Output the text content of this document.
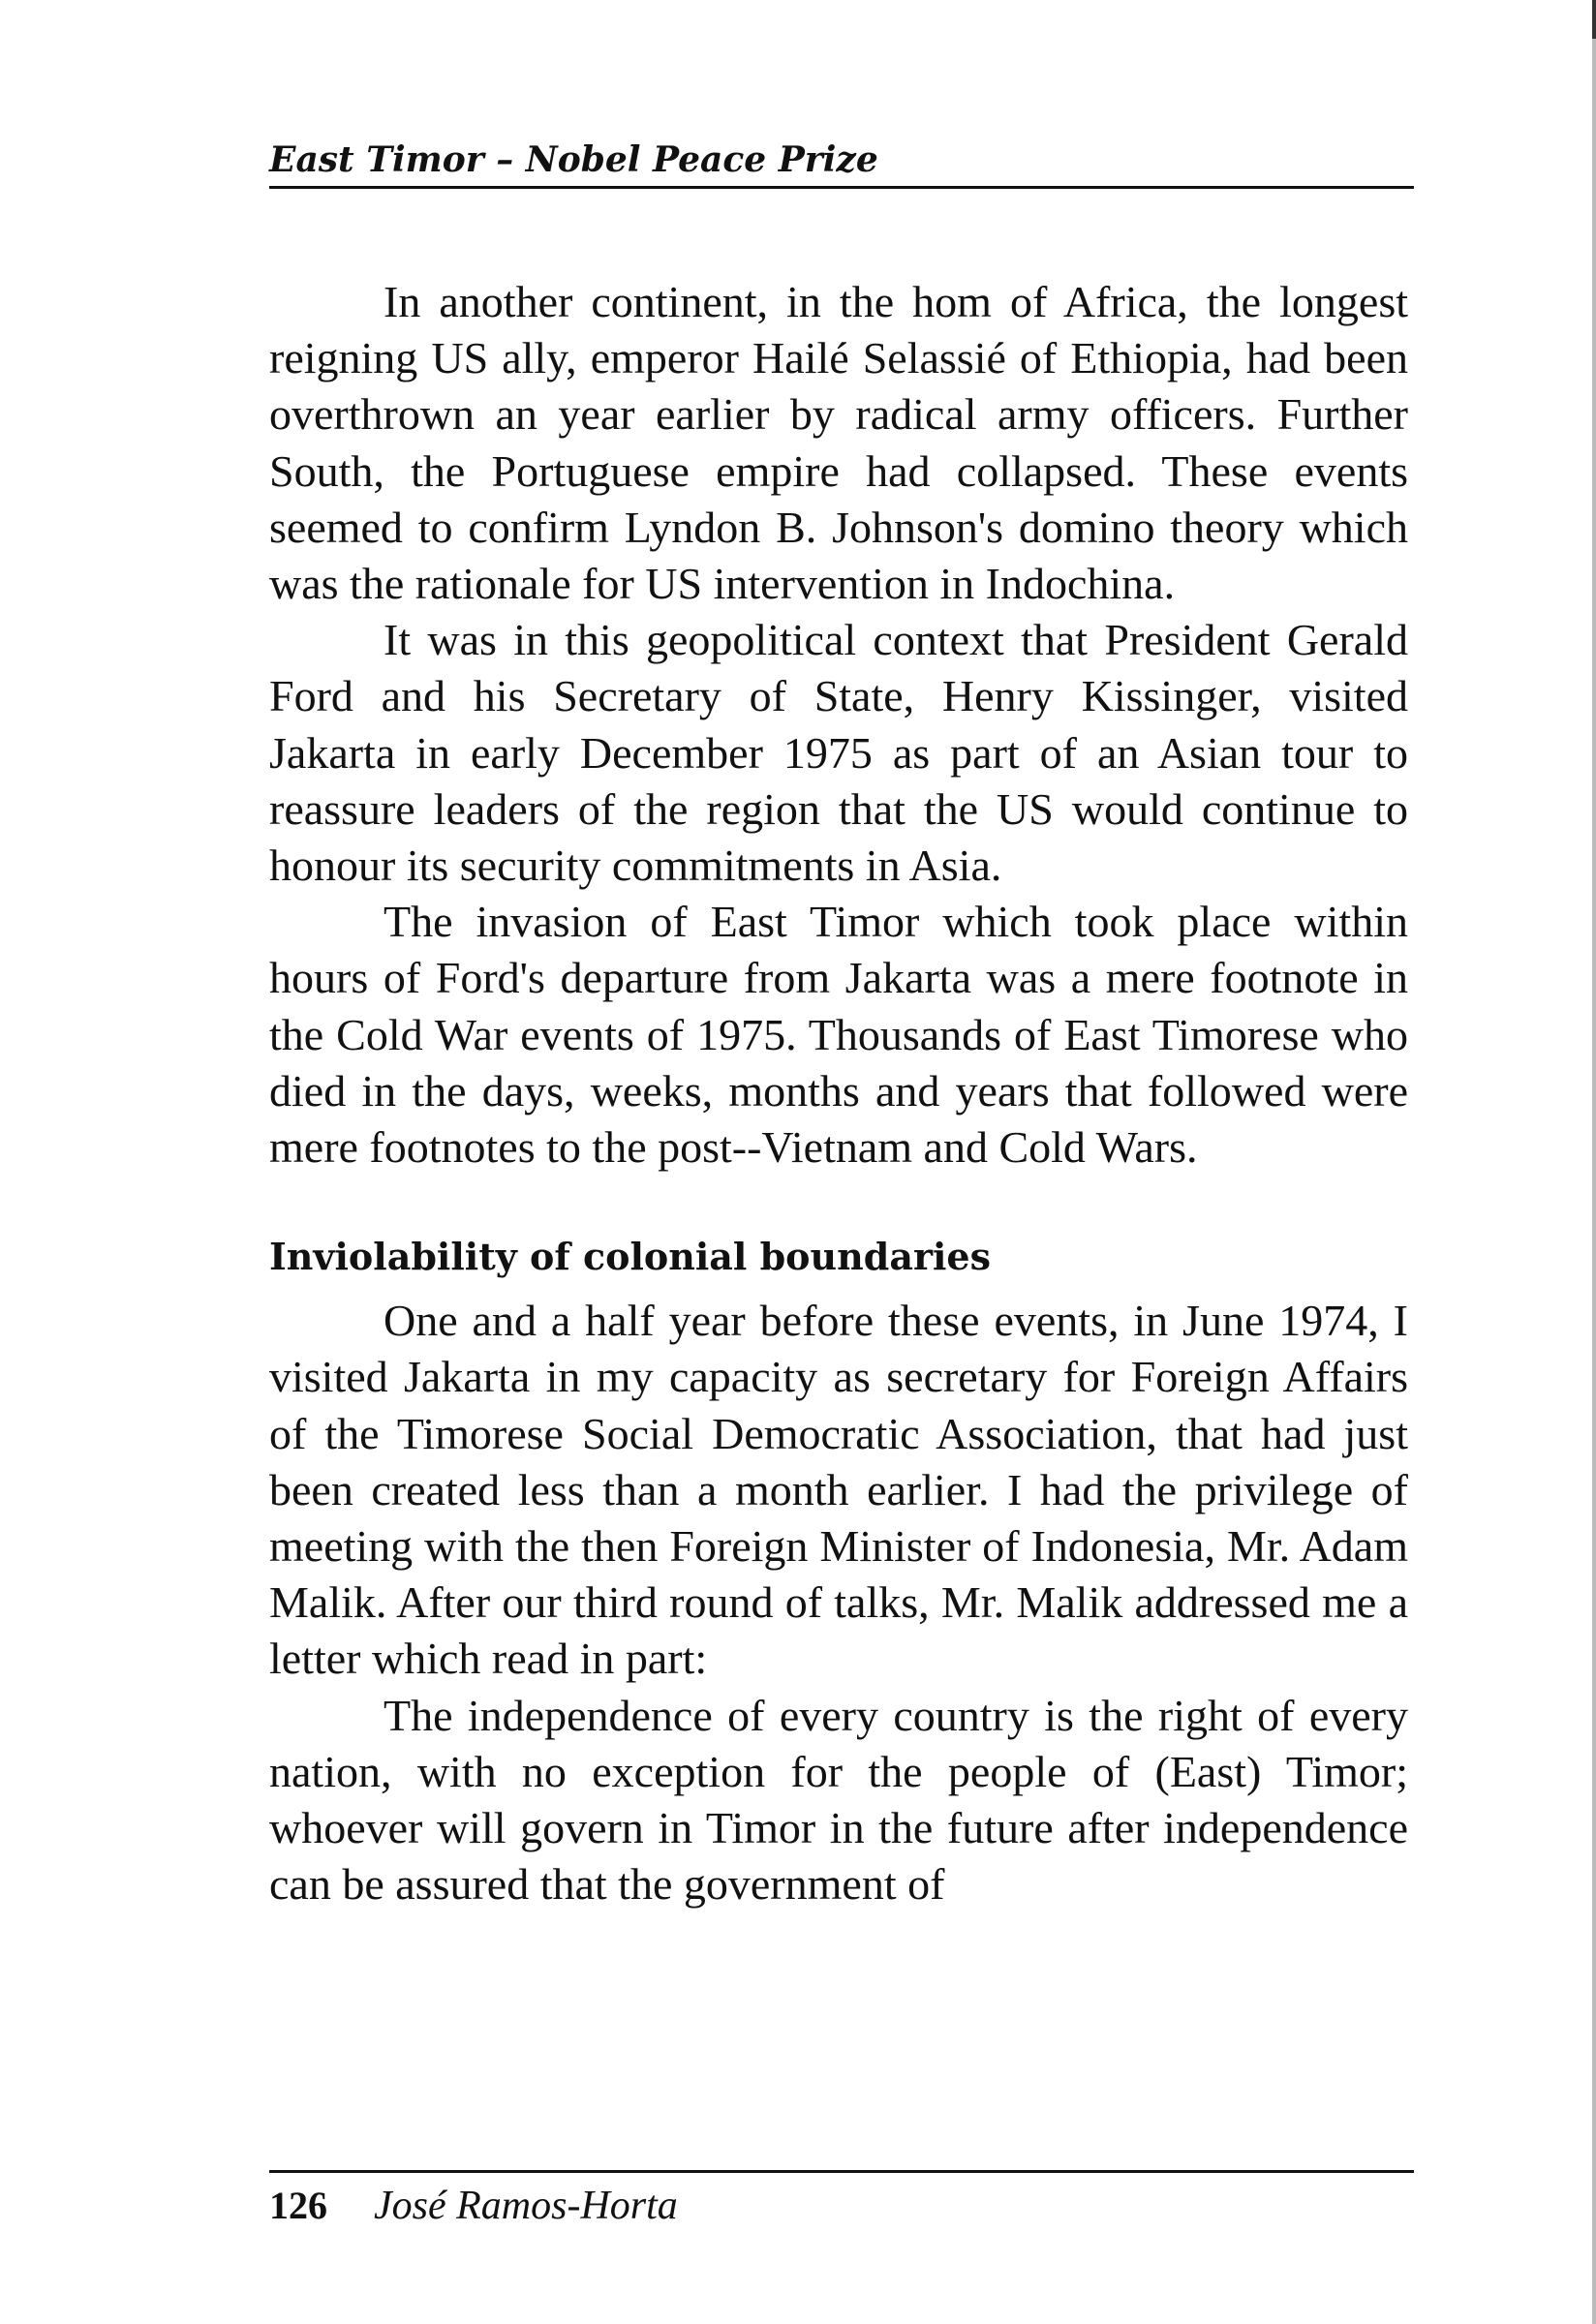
East Timor – Nobel Peace Prize

In another continent, in the hom of Africa, the longest reigning US ally, emperor Hailé Selassié of Ethiopia, had been overthrown an year earlier by radical army officers. Further South, the Portuguese empire had collapsed. These events seemed to confirm Lyndon B. Johnson's domino theory which was the rationale for US intervention in Indochina.

It was in this geopolitical context that President Gerald Ford and his Secretary of State, Henry Kissinger, visited Jakarta in early December 1975 as part of an Asian tour to reassure leaders of the region that the US would continue to honour its security commitments in Asia.

The invasion of East Timor which took place within hours of Ford's departure from Jakarta was a mere footnote in the Cold War events of 1975. Thousands of East Timorese who died in the days, weeks, months and years that followed were mere footnotes to the post--Vietnam and Cold Wars.

Inviolability of colonial boundaries

One and a half year before these events, in June 1974, I visited Jakarta in my capacity as secretary for Foreign Affairs of the Timorese Social Democratic Association, that had just been created less than a month earlier. I had the privilege of meeting with the then Foreign Minister of Indonesia, Mr. Adam Malik. After our third round of talks, Mr. Malik addressed me a letter which read in part:

The independence of every country is the right of every nation, with no exception for the people of (East) Timor; whoever will govern in Timor in the future after independence can be assured that the government of

126 José Ramos-Horta
